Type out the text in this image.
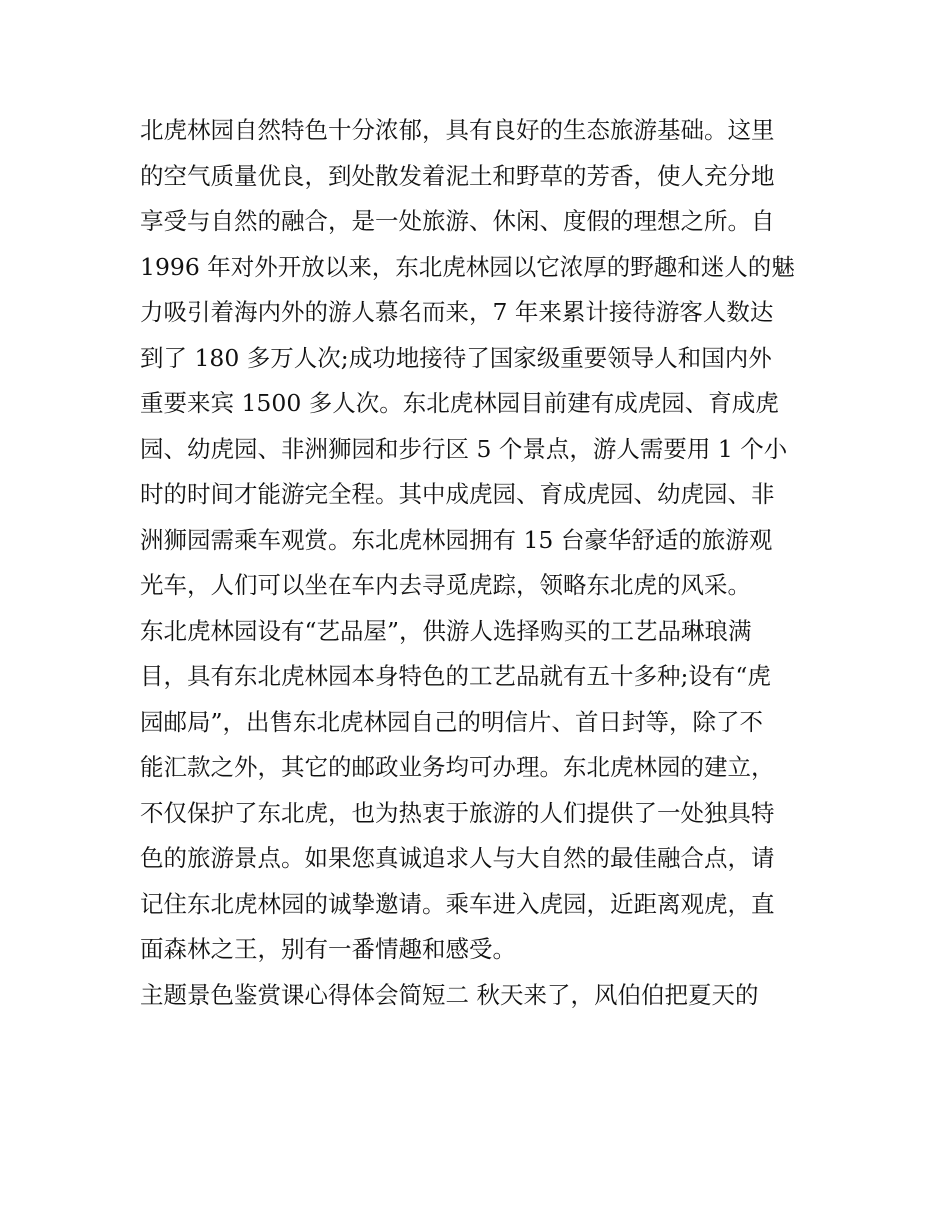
北虎林园自然特色十分浓郁，具有良好的生态旅游基础。这里
的空气质量优良，到处散发着泥土和野草的芳香，使人充分地
享受与自然的融合，是一处旅游、休闲、度假的理想之所。自
1996 年对外开放以来，东北虎林园以它浓厚的野趣和迷人的魅
力吸引着海内外的游人慕名而来，7 年来累计接待游客人数达
到了 180 多万人次;成功地接待了国家级重要领导人和国内外
重要来宾 1500 多人次。东北虎林园目前建有成虎园、育成虎
园、幼虎园、非洲狮园和步行区 5 个景点，游人需要用 1 个小
时的时间才能游完全程。其中成虎园、育成虎园、幼虎园、非
洲狮园需乘车观赏。东北虎林园拥有 15 台豪华舒适的旅游观
光车，人们可以坐在车内去寻觅虎踪，领略东北虎的风采。
东北虎林园设有“艺品屋”，供游人选择购买的工艺品琳琅满
目，具有东北虎林园本身特色的工艺品就有五十多种;设有“虎
园邮局”，出售东北虎林园自己的明信片、首日封等，除了不
能汇款之外，其它的邮政业务均可办理。东北虎林园的建立，
不仅保护了东北虎，也为热衷于旅游的人们提供了一处独具特
色的旅游景点。如果您真诚追求人与大自然的最佳融合点，请
记住东北虎林园的诚挚邀请。乘车进入虎园，近距离观虎，直
面森林之王，别有一番情趣和感受。
主题景色鉴赏课心得体会简短二 秋天来了，风伯伯把夏天的
